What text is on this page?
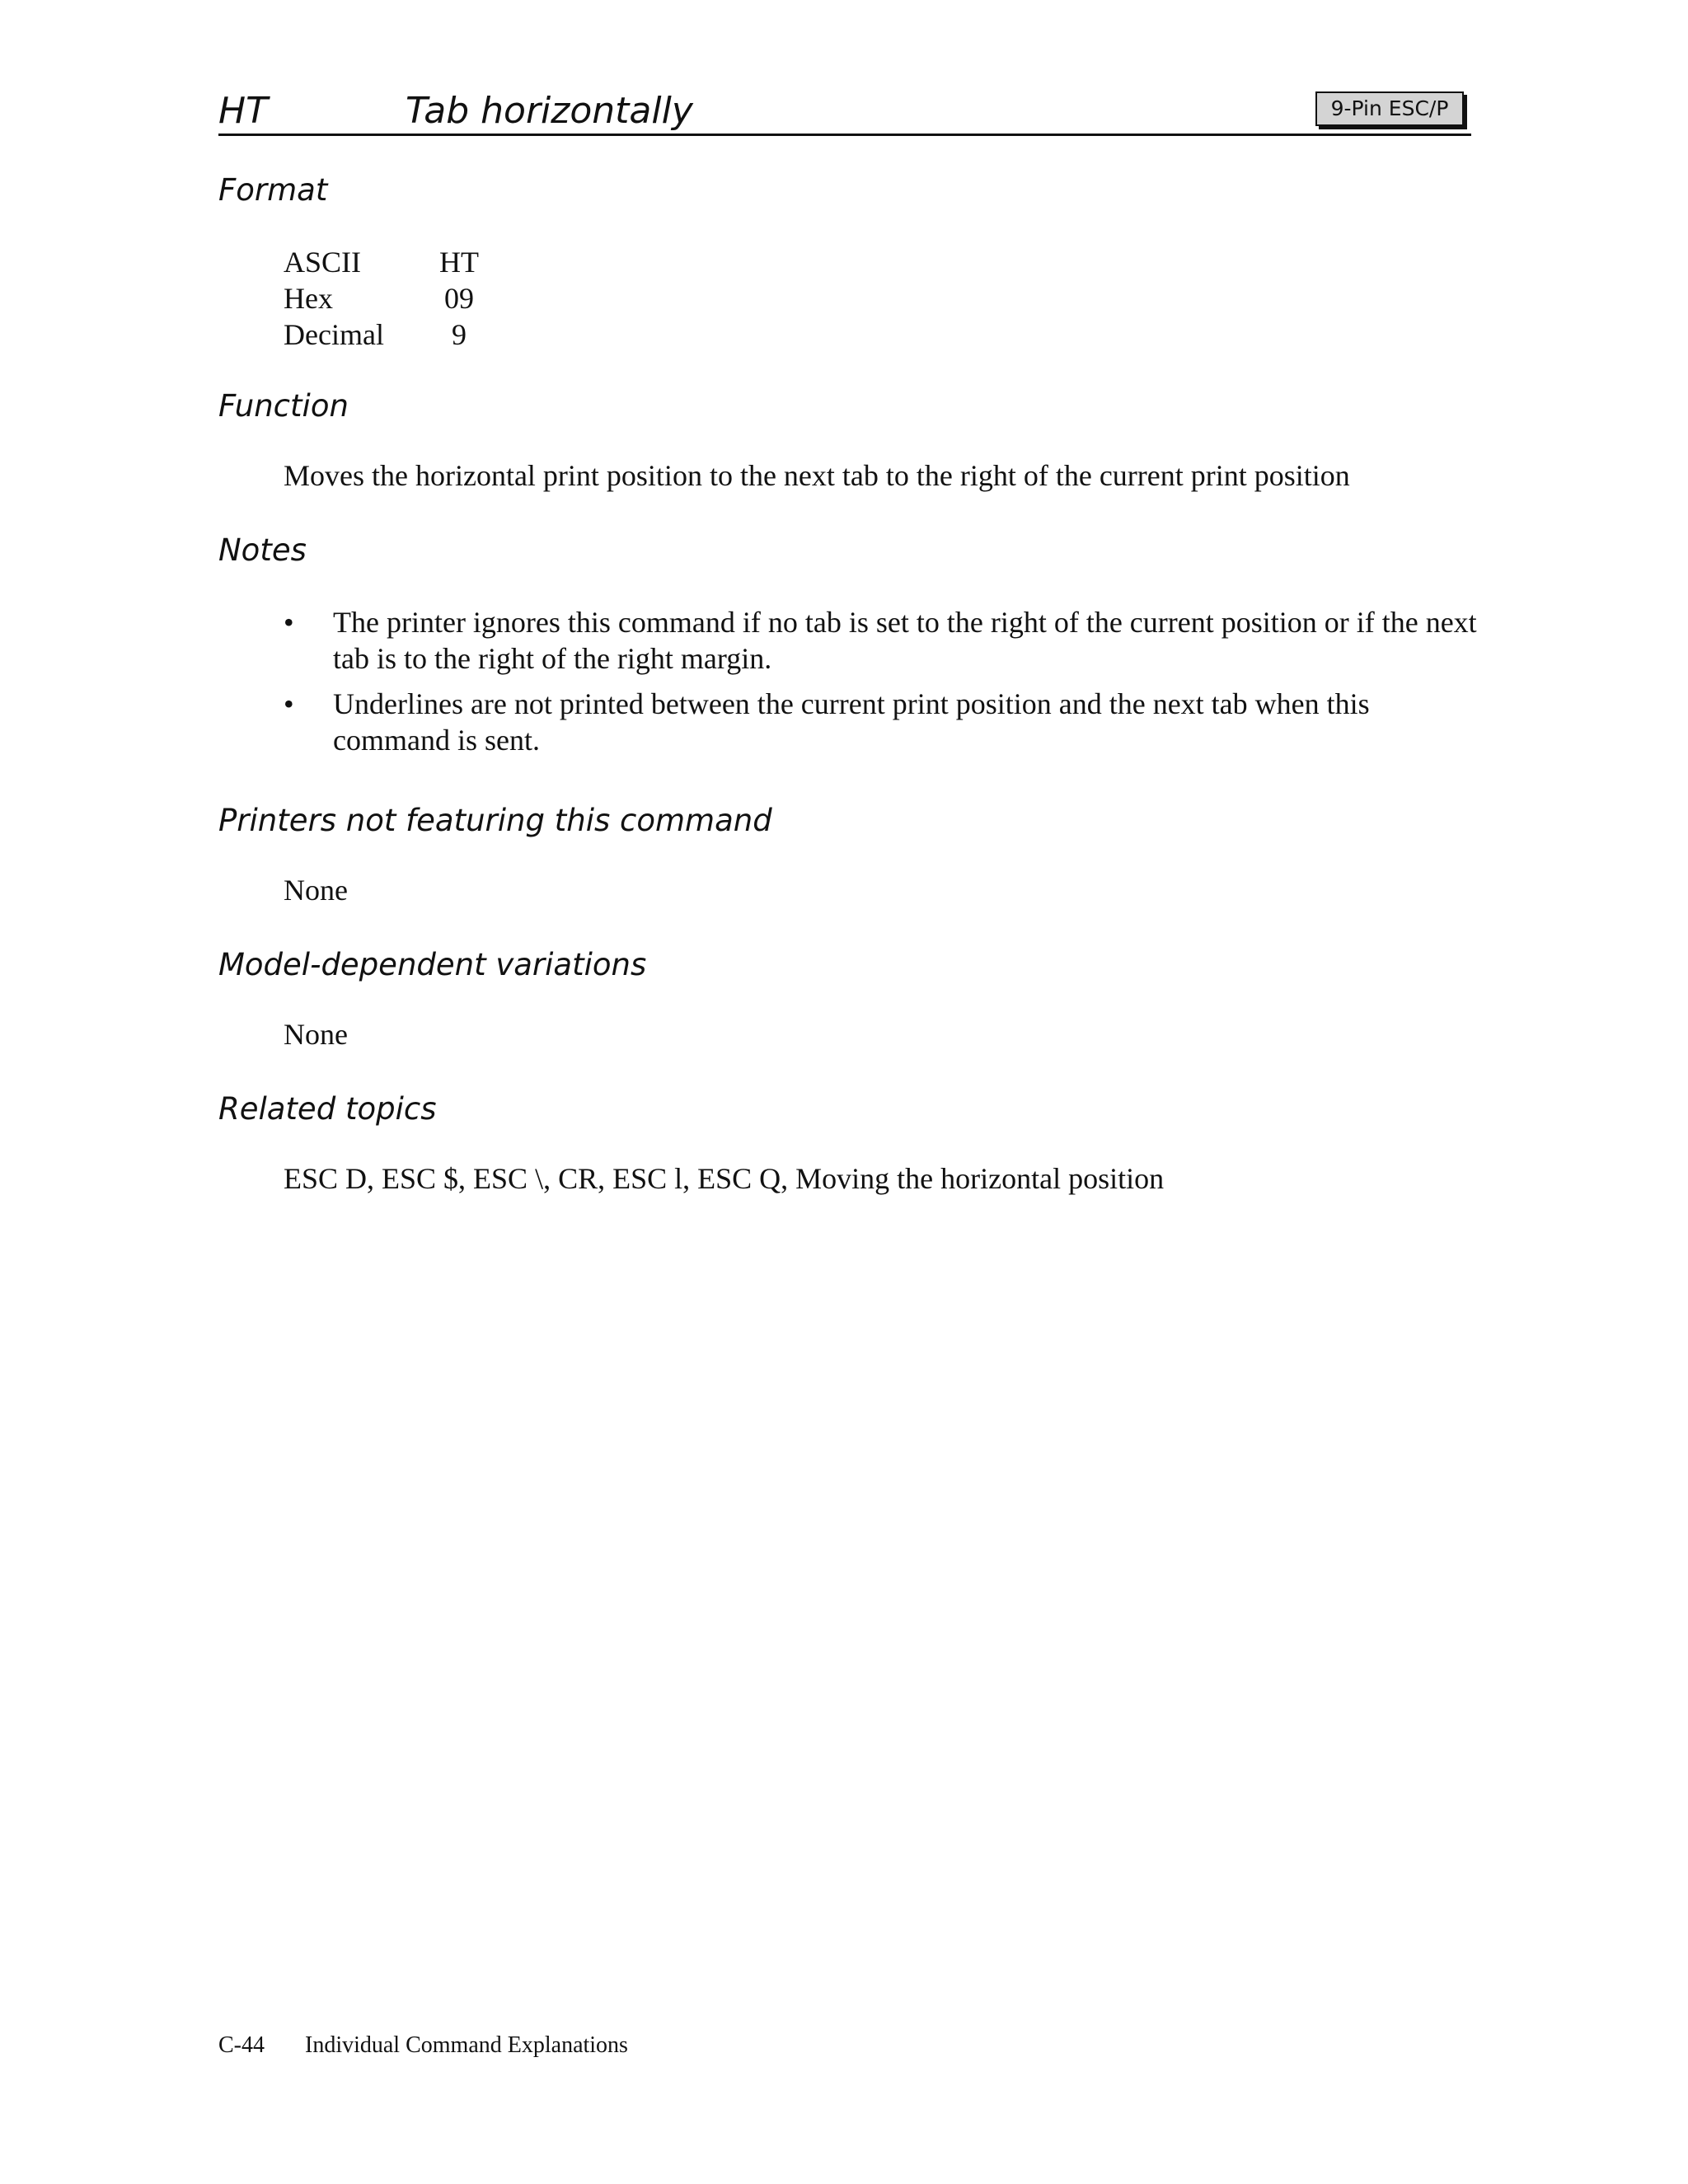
HT	Tab horizontally	9-Pin ESC/P
Format
ASCII	HT
Hex	09
Decimal	9
Function
Moves the horizontal print position to the next tab to the right of the current print position
Notes
• The printer ignores this command if no tab is set to the right of the current position or if the next tab is to the right of the right margin.
• Underlines are not printed between the current print position and the next tab when this command is sent.
Printers not featuring this command
None
Model-dependent variations
None
Related topics
ESC D, ESC $, ESC \, CR, ESC l, ESC Q, Moving the horizontal position
C-44 Individual Command Explanations
